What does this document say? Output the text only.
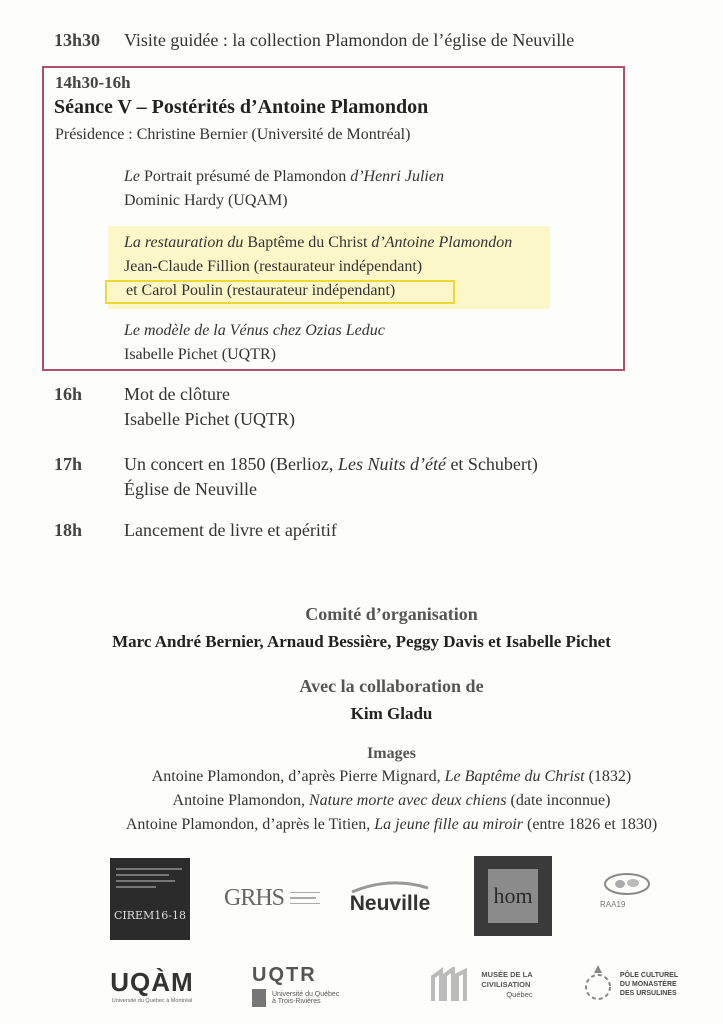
13h30 Visite guidée : la collection Plamondon de l’église de Neuville
14h30-16h
Séance V – Postérités d’Antoine Plamondon
Présidence : Christine Bernier (Université de Montréal)
Le Portrait présumé de Plamondon d’Henri Julien
Dominic Hardy (UQAM)
La restauration du Baptême du Christ d’Antoine Plamondon
Jean-Claude Fillion (restaurateur indépendant)
et Carol Poulin (restaurateur indépendant)
Le modèle de la Vénus chez Ozias Leduc
Isabelle Pichet (UQTR)
16h Mot de clôture
Isabelle Pichet (UQTR)
17h Un concert en 1850 (Berlioz, Les Nuits d’été et Schubert)
Église de Neuville
18h Lancement de livre et apéritif
Comité d’organisation
Marc André Bernier, Arnaud Bessière, Peggy Davis et Isabelle Pichet
Avec la collaboration de
Kim Gladu
Images
Antoine Plamondon, d’après Pierre Mignard, Le Baptême du Christ (1832)
Antoine Plamondon, Nature morte avec deux chiens (date inconnue)
Antoine Plamondon, d’après le Titien, La jeune fille au miroir (entre 1826 et 1830)
CIREM16-18
GRHS	Neuville	hom	RAA19
UQÀM
Université du Québec à Montréal
UQTR
Université du Québec
à Trois-Rivières
MUSÉE DE LA
CIVILISATION
Québec
PÔLE CULTUREL
DU MONASTÈRE
DES URSULINES
